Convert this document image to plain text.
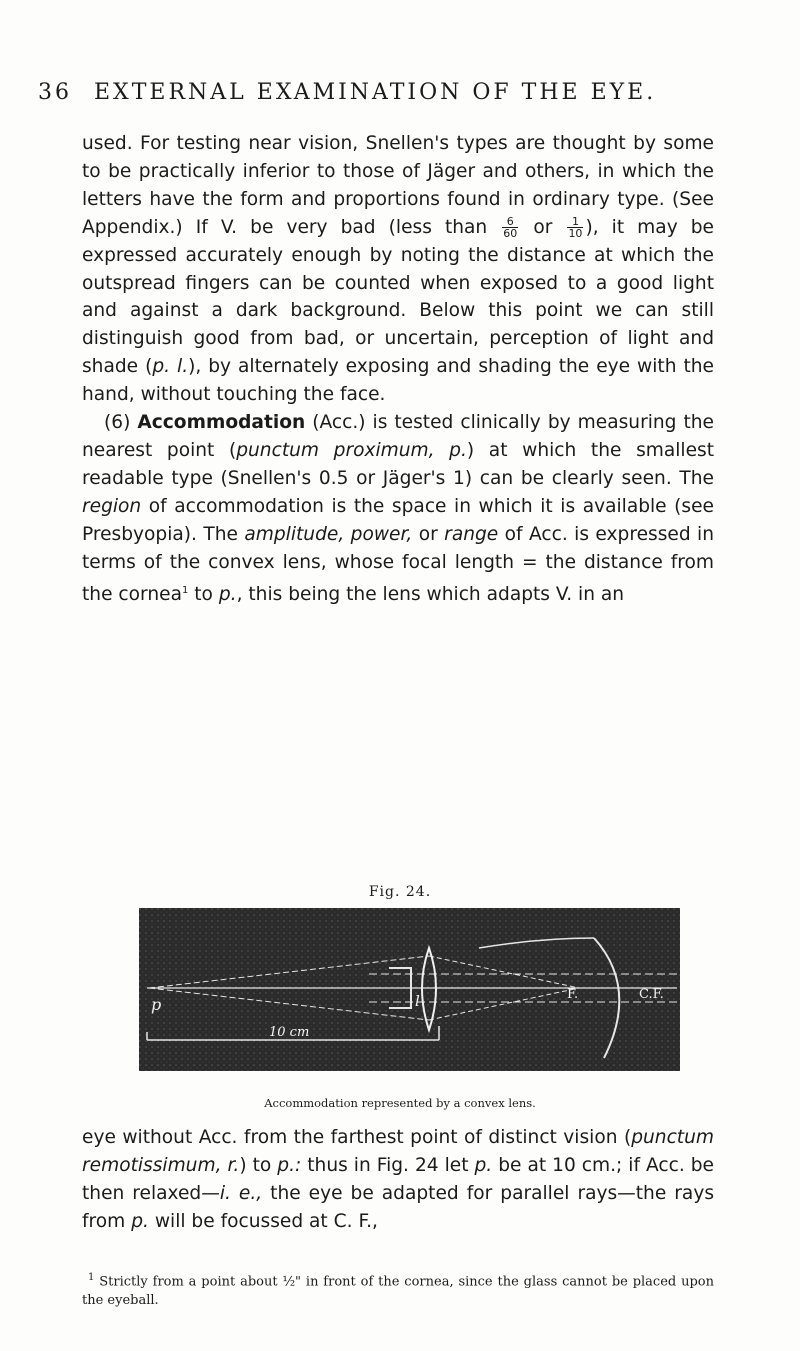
36 EXTERNAL EXAMINATION OF THE EYE.

used. For testing near vision, Snellen's types are thought by some to be practically inferior to those of Jäger and others, in which the letters have the form and proportions found in ordinary type. (See Appendix.) If V. be very bad (less than $\frac{6}{60}$ or $\frac{1}{10}$ ), it may be expressed accurately enough by noting the distance at which the outspread fingers can be counted when exposed to a good light and against a dark background. Below this point we can still distinguish good from bad, or uncertain, perception of light and shade (p. l.), by alternately exposing and shading the eye with the hand, without touching the face.

(6) Accommodation (Acc.) is tested clinically by measuring the nearest point (punctum proximum, p.) at which the smallest readable type (Snellen's 0.5 or Jäger's 1) can be clearly seen. The region of accommodation is the space in which it is available (see Presbyopia). The amplitude, power, or range of Acc. is expressed in terms of the convex lens, whose focal length = the distance from the cornea$^1$ to p., this being the lens which adapts V. in an

Fig. 24.
p	l	F.	C.F.
10 cm
Accommodation represented by a convex lens.

eye without Acc. from the farthest point of distinct vision (punctum remotissimum, r.) to p.: thus in Fig. 24 let p. be at 10 cm.; if Acc. be then relaxed—i. e., the eye be adapted for parallel rays—the rays from p. will be focussed at C. F.,

$^1$ Strictly from a point about ½" in front of the cornea, since the glass cannot be placed upon the eyeball.
